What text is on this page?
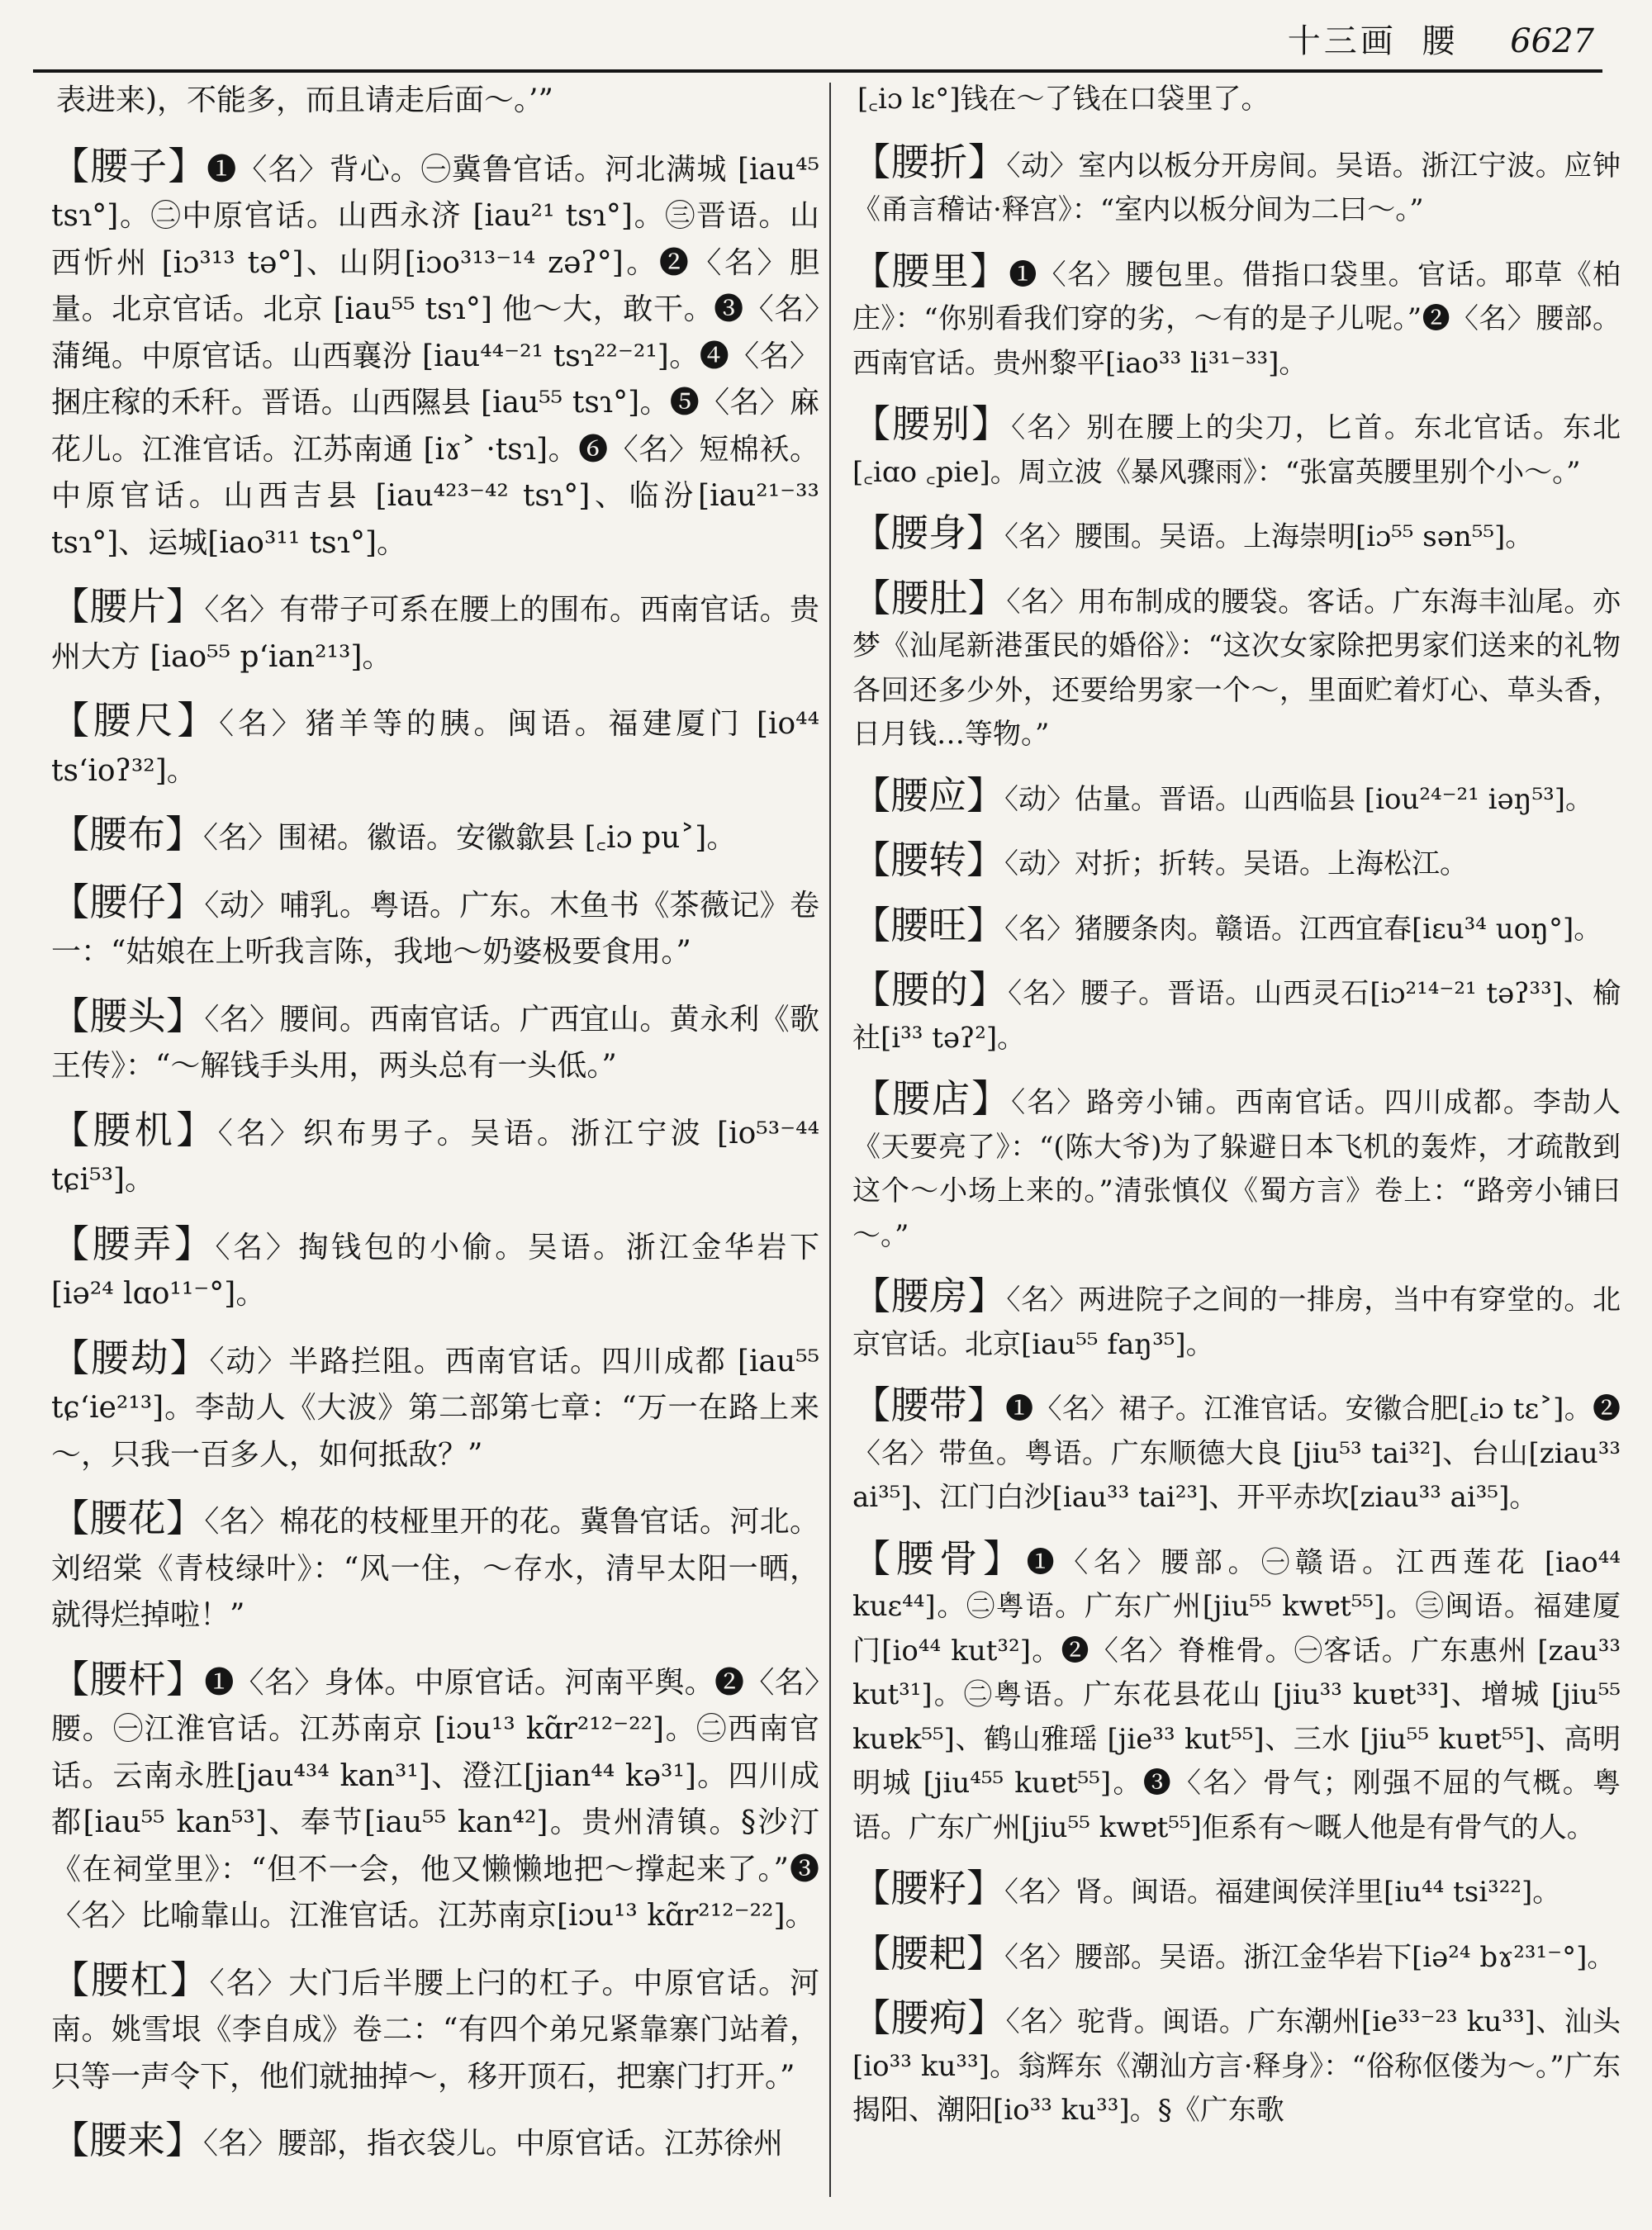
十三画 腰 6627

表进来)，不能多，而且请走后面～。’”

【腰子】❶〈名〉背心。㊀冀鲁官话。河北满城 [iau⁴⁵ tsɿ°]。㊁中原官话。山西永济 [iau²¹ tsɿ°]。㊂晋语。山西忻州 [iɔ³¹³ tə°]、山阴[iɔo³¹³⁻¹⁴ zəʔ°]。❷〈名〉胆量。北京官话。北京 [iau⁵⁵ tsɿ°] 他～大，敢干。❸〈名〉蒲绳。中原官话。山西襄汾 [iau⁴⁴⁻²¹ tsɿ²²⁻²¹]。❹〈名〉捆庄稼的禾秆。晋语。山西隰县 [iau⁵⁵ tsɿ°]。❺〈名〉麻花儿。江淮官话。江苏南通 [iɤ˃ ·tsɿ]。❻〈名〉短棉袄。中原官话。山西吉县 [iau⁴²³⁻⁴² tsɿ°]、临汾[iau²¹⁻³³ tsɿ°]、运城[iao³¹¹ tsɿ°]。

【腰片】〈名〉有带子可系在腰上的围布。西南官话。贵州大方 [iao⁵⁵ p‘ian²¹³]。

【腰尺】〈名〉猪羊等的胰。闽语。福建厦门 [io⁴⁴ ts‘ioʔ³²]。

【腰布】〈名〉围裙。徽语。安徽歙县 [꜀iɔ pu˃]。

【腰仔】〈动〉哺乳。粤语。广东。木鱼书《茶薇记》卷一：“姑娘在上听我言陈，我地～奶婆极要食用。”

【腰头】〈名〉腰间。西南官话。广西宜山。黄永利《歌王传》：“～解钱手头用，两头总有一头低。”

【腰机】〈名〉织布男子。吴语。浙江宁波 [io⁵³⁻⁴⁴ tɕi⁵³]。

【腰弄】〈名〉掏钱包的小偷。吴语。浙江金华岩下 [iə²⁴ lɑo¹¹⁻°]。

【腰劫】〈动〉半路拦阻。西南官话。四川成都 [iau⁵⁵ tɕ‘ie²¹³]。李劼人《大波》第二部第七章：“万一在路上来～，只我一百多人，如何抵敌？”

【腰花】〈名〉棉花的枝桠里开的花。冀鲁官话。河北。刘绍棠《青枝绿叶》：“风一住，～存水，清早太阳一晒，就得烂掉啦！”

【腰杆】❶〈名〉身体。中原官话。河南平舆。❷〈名〉腰。㊀江淮官话。江苏南京 [iɔu¹³ kɑ̃r²¹²⁻²²]。㊁西南官话。云南永胜[jau⁴³⁴ kan³¹]、澄江[jian⁴⁴ kə³¹]。四川成都[iau⁵⁵ kan⁵³]、奉节[iau⁵⁵ kan⁴²]。贵州清镇。§沙汀《在祠堂里》：“但不一会，他又懒懒地把～撑起来了。”❸〈名〉比喻靠山。江淮官话。江苏南京[iɔu¹³ kɑ̃r²¹²⁻²²]。

【腰杠】〈名〉大门后半腰上闩的杠子。中原官话。河南。姚雪垠《李自成》卷二：“有四个弟兄紧靠寨门站着，只等一声令下，他们就抽掉～，移开顶石，把寨门打开。”

【腰来】〈名〉腰部，指衣袋儿。中原官话。江苏徐州

[꜀iɔ lɛ°]钱在～了钱在口袋里了。

【腰折】〈动〉室内以板分开房间。吴语。浙江宁波。应钟《甬言稽诂·释宫》：“室内以板分间为二曰～。”

【腰里】❶〈名〉腰包里。借指口袋里。官话。耶草《柏庄》：“你别看我们穿的劣，～有的是子儿呢。”❷〈名〉腰部。西南官话。贵州黎平[iao³³ li³¹⁻³³]。

【腰别】〈名〉别在腰上的尖刀，匕首。东北官话。东北 [꜀iɑo ꜀pie]。周立波《暴风骤雨》：“张富英腰里别个小～。”

【腰身】〈名〉腰围。吴语。上海崇明[iɔ⁵⁵ sən⁵⁵]。

【腰肚】〈名〉用布制成的腰袋。客话。广东海丰汕尾。亦梦《汕尾新港蛋民的婚俗》：“这次女家除把男家们送来的礼物各回还多少外，还要给男家一个～，里面贮着灯心、草头香，日月钱…等物。”

【腰应】〈动〉估量。晋语。山西临县 [iou²⁴⁻²¹ iəŋ⁵³]。

【腰转】〈动〉对折；折转。吴语。上海松江。

【腰旺】〈名〉猪腰条肉。赣语。江西宜春[iɛu³⁴ uoŋ°]。

【腰的】〈名〉腰子。晋语。山西灵石[iɔ²¹⁴⁻²¹ təʔ³³]、榆社[i³³ təʔ²]。

【腰店】〈名〉路旁小铺。西南官话。四川成都。李劼人《天要亮了》：“(陈大爷)为了躲避日本飞机的轰炸，才疏散到这个～小场上来的。”清张慎仪《蜀方言》卷上：“路旁小铺曰～。”

【腰房】〈名〉两进院子之间的一排房，当中有穿堂的。北京官话。北京[iau⁵⁵ faŋ³⁵]。

【腰带】❶〈名〉裙子。江淮官话。安徽合肥[꜀iɔ tɛ˃]。❷〈名〉带鱼。粤语。广东顺德大良 [jiu⁵³ tai³²]、台山[ziau³³ ai³⁵]、江门白沙[iau³³ tai²³]、开平赤坎[ziau³³ ai³⁵]。

【腰骨】❶〈名〉腰部。㊀赣语。江西莲花 [iao⁴⁴ kuɛ⁴⁴]。㊁粤语。广东广州[jiu⁵⁵ kwɐt⁵⁵]。㊂闽语。福建厦门[io⁴⁴ kut³²]。❷〈名〉脊椎骨。㊀客话。广东惠州 [zau³³ kut³¹]。㊁粤语。广东花县花山 [jiu³³ kuɐt³³]、增城 [jiu⁵⁵ kuɐk⁵⁵]、鹤山雅瑶 [jie³³ kut⁵⁵]、三水 [jiu⁵⁵ kuɐt⁵⁵]、高明明城 [jiu⁴⁵⁵ kuɐt⁵⁵]。❸〈名〉骨气；刚强不屈的气概。粤语。广东广州[jiu⁵⁵ kwɐt⁵⁵]佢系有～嘅人他是有骨气的人。

【腰籽】〈名〉肾。闽语。福建闽侯洋里[iu⁴⁴ tsi³²²]。

【腰耙】〈名〉腰部。吴语。浙江金华岩下[iə²⁴ bɤ²³¹⁻°]。

【腰痀】〈名〉驼背。闽语。广东潮州[ie³³⁻²³ ku³³]、汕头[io³³ ku³³]。翁辉东《潮汕方言·释身》：“俗称伛偻为～。”广东揭阳、潮阳[io³³ ku³³]。§《广东歌
